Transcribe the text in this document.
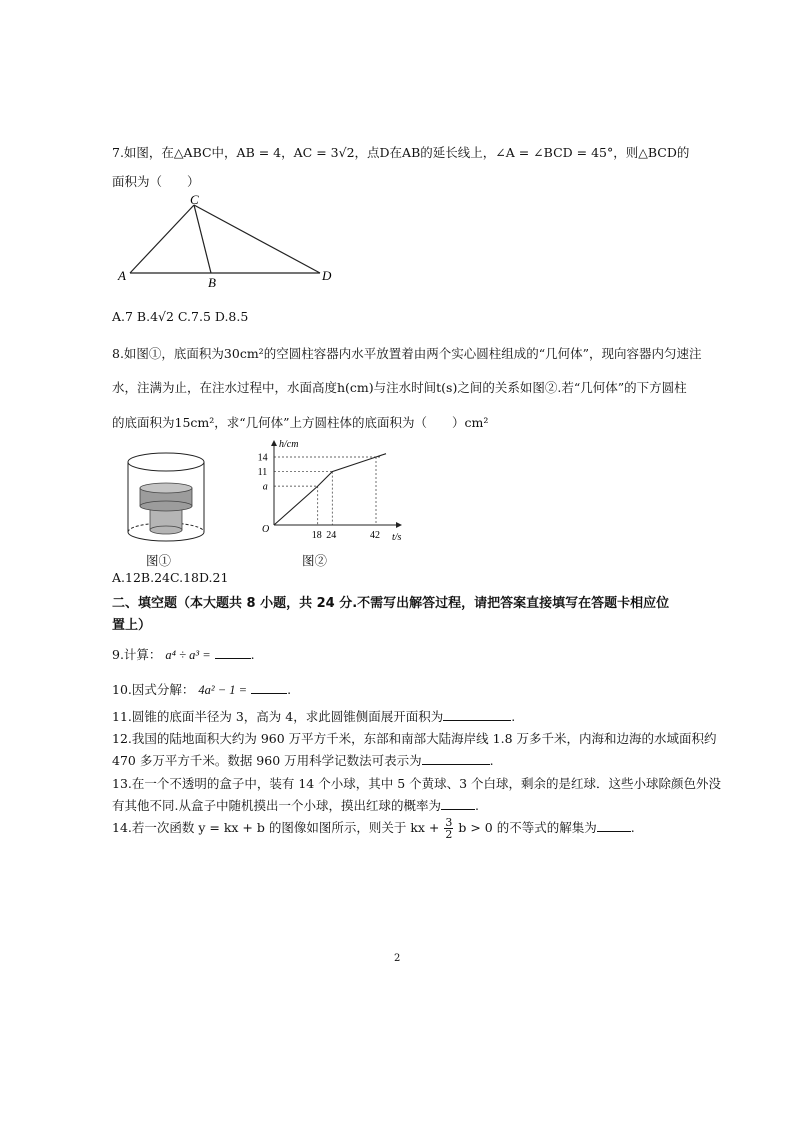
7.如图，在△ABC中，AB = 4，AC = 3√2，点D在AB的延长线上，∠A = ∠BCD = 45°，则△BCD的
面积为（　　）
C
A	B	D
A.7 B.4√2 C.7.5 D.8.5
8.如图①，底面积为30cm²的空圆柱容器内水平放置着由两个实心圆柱组成的“几何体”，现向容器内匀速注
水，注满为止，在注水过程中，水面高度h(cm)与注水时间t(s)之间的关系如图②.若“几何体”的下方圆柱
的底面积为15cm²，求“几何体”上方圆柱体的底面积为（　　）cm²
图①
h/cm
t/s
O
18 24	42
a
11
14
图②
A.12B.24C.18D.21
二、填空题（本大题共 8 小题，共 24 分.不需写出解答过程，请把答案直接填写在答题卡相应位
置上）
9.计算： a⁴ ÷ a³ =	.
10.因式分解： 4a² − 1 =	.
11.圆锥的底面半径为 3，高为 4，求此圆锥侧面展开面积为	.
12.我国的陆地面积大约为 960 万平方千米，东部和南部大陆海岸线 1.8 万多千米，内海和边海的水域面积约
470 多万平方千米。数据 960 万用科学记数法可表示为	.
13.在一个不透明的盒子中，装有 14 个小球，其中 5 个黄球、3 个白球，剩余的是红球．这些小球除颜色外没
有其他不同.从盒子中随机摸出一个小球，摸出红球的概率为	.
14.若一次函数 y = kx + b 的图像如图所示，则关于 kx + $\frac{3}{2}$ b > 0 的不等式的解集为	.
2
